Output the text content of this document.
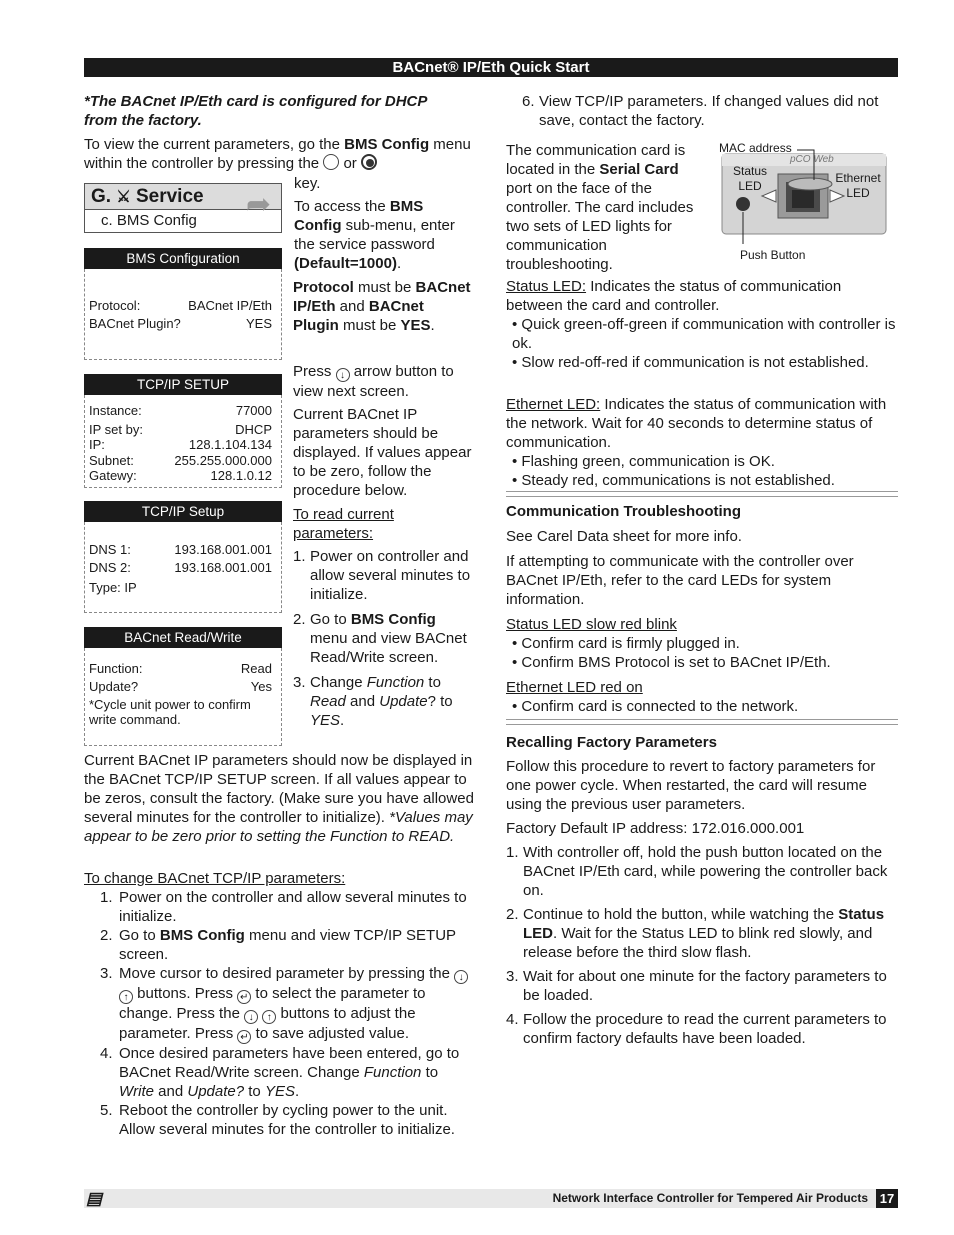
BACnet® IP/Eth Quick Start
*The BACnet IP/Eth card is configured for DHCP from the factory.
To view the current parameters, go the BMS Config menu within the controller by pressing the or
key.
G. ⚔ Service
c. BMS Config	➦
BMS Configuration
Protocol:	BACnet IP/Eth
BACnet Plugin?	YES
TCP/IP SETUP
Instance:	77000
IP set by:	DHCP
IP:	128.1.104.134
Subnet:	255.255.000.000
Gatewy:	128.1.0.12
TCP/IP Setup
DNS 1:	193.168.001.001
DNS 2:	193.168.001.001
Type: IP
BACnet Read/Write
Function:	Read
Update?	Yes
*Cycle unit power to confirm write command.
To access the BMS Config sub-menu, enter the service password (Default=1000).
Protocol must be BACnet IP/Eth and BACnet Plugin must be YES.
Press ↓ arrow button to view next screen.
Current BACnet IP parameters should be displayed. If values appear to be zero, follow the procedure below.
To read current parameters:
1. Power on controller and allow several minutes to initialize.
2. Go to BMS Config menu and view BACnet Read/Write screen.
3. Change Function to Read and Update? to YES.
Current BACnet IP parameters should now be displayed in the BACnet TCP/IP SETUP screen. If all values appear to be zeros, consult the factory. (Make sure you have allowed several minutes for the controller to initialize). *Values may appear to be zero prior to setting the Function to READ.
To change BACnet TCP/IP parameters:
1. Power on the controller and allow several minutes to initialize.
2. Go to BMS Config menu and view TCP/IP SETUP screen.
3. Move cursor to desired parameter by pressing the ↓ ↑ buttons. Press ↵ to select the parameter to change. Press the ↓ ↑ buttons to adjust the parameter. Press ↵ to save adjusted value.
4. Once desired parameters have been entered, go to BACnet Read/Write screen. Change Function to Write and Update? to YES.
5. Reboot the controller by cycling power to the unit. Allow several minutes for the controller to initialize.
6. View TCP/IP parameters. If changed values did not save, contact the factory.
The communication card is located in the Serial Card port on the face of the controller. The card includes two sets of LED lights for communication troubleshooting.
MAC address
pCO Web
Status LED
Ethernet LED
Push Button

Status LED: Indicates the status of communication between the card and controller.

• Quick green-off-green if communication with controller is ok.

• Slow red-off-red if communication is not established.

Ethernet LED: Indicates the status of communication with the network. Wait for 40 seconds to determine status of communication.

• Flashing green, communication is OK.

• Steady red, communications is not established.

Communication Troubleshooting

See Carel Data sheet for more info.

If attempting to communicate with the controller over BACnet IP/Eth, refer to the card LEDs for system information.

Status LED slow red blink

• Confirm card is firmly plugged in.

• Confirm BMS Protocol is set to BACnet IP/Eth.

Ethernet LED red on

• Confirm card is connected to the network.

Recalling Factory Parameters

Follow this procedure to revert to factory parameters for one power cycle. When restarted, the card will resume using the previous user parameters.

Factory Default IP address: 172.016.000.001

1. With controller off, hold the push button located on the BACnet IP/Eth card, while powering the controller back on.
2. Continue to hold the button, while watching the Status LED. Wait for the Status LED to blink red slowly, and release before the third slow flash.
3. Wait for about one minute for the factory parameters to be loaded.
4. Follow the procedure to read the current parameters to confirm factory defaults have been loaded.
▤	Network Interface Controller for Tempered Air Products 17
